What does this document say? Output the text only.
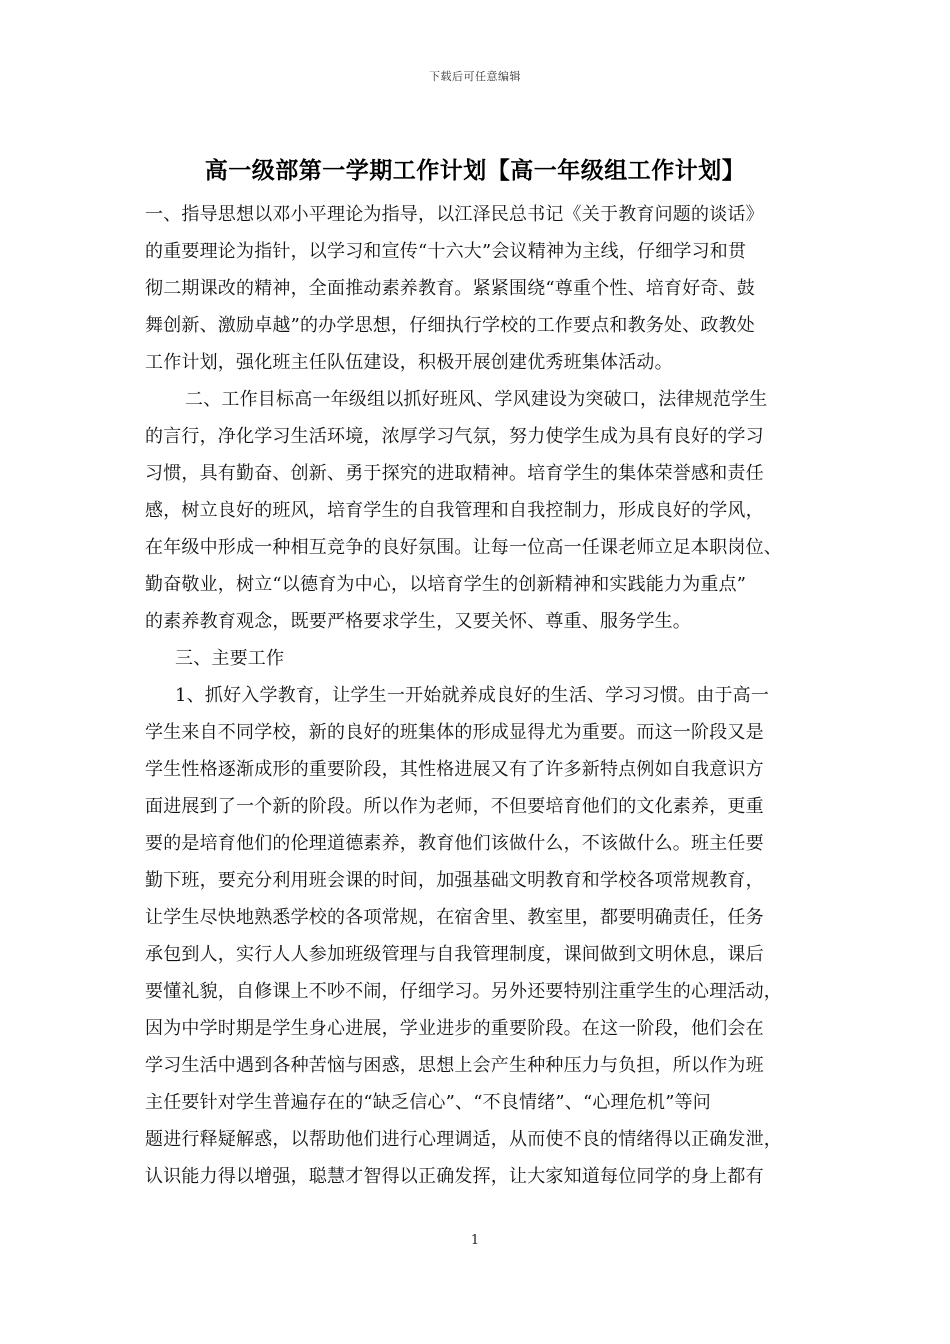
下载后可任意编辑
高一级部第一学期工作计划【高一年级组工作计划】
一、指导思想以邓小平理论为指导，以江泽民总书记《关于教育问题的谈话》
的重要理论为指针，以学习和宣传“十六大”会议精神为主线，仔细学习和贯
彻二期课改的精神，全面推动素养教育。紧紧围绕“尊重个性、培育好奇、鼓
舞创新、激励卓越”的办学思想，仔细执行学校的工作要点和教务处、政教处
工作计划，强化班主任队伍建设，积极开展创建优秀班集体活动。
二、工作目标高一年级组以抓好班风、学风建设为突破口，法律规范学生
的言行，净化学习生活环境，浓厚学习气氛，努力使学生成为具有良好的学习
习惯，具有勤奋、创新、勇于探究的进取精神。培育学生的集体荣誉感和责任
感，树立良好的班风，培育学生的自我管理和自我控制力，形成良好的学风，
在年级中形成一种相互竞争的良好氛围。让每一位高一任课老师立足本职岗位、
勤奋敬业，树立“以德育为中心，以培育学生的创新精神和实践能力为重点”
的素养教育观念，既要严格要求学生，又要关怀、尊重、服务学生。
三、主要工作
1、抓好入学教育，让学生一开始就养成良好的生活、学习习惯。由于高一
学生来自不同学校，新的良好的班集体的形成显得尤为重要。而这一阶段又是
学生性格逐渐成形的重要阶段，其性格进展又有了许多新特点例如自我意识方
面进展到了一个新的阶段。所以作为老师，不但要培育他们的文化素养，更重
要的是培育他们的伦理道德素养，教育他们该做什么，不该做什么。班主任要
勤下班，要充分利用班会课的时间，加强基础文明教育和学校各项常规教育，
让学生尽快地熟悉学校的各项常规，在宿舍里、教室里，都要明确责任，任务
承包到人，实行人人参加班级管理与自我管理制度，课间做到文明休息，课后
要懂礼貌，自修课上不吵不闹，仔细学习。另外还要特别注重学生的心理活动，
因为中学时期是学生身心进展，学业进步的重要阶段。在这一阶段，他们会在
学习生活中遇到各种苦恼与困惑，思想上会产生种种压力与负担，所以作为班
主任要针对学生普遍存在的“缺乏信心”、“不良情绪”、“心理危机”等问
题进行释疑解惑，以帮助他们进行心理调适，从而使不良的情绪得以正确发泄，
认识能力得以增强，聪慧才智得以正确发挥，让大家知道每位同学的身上都有
1
